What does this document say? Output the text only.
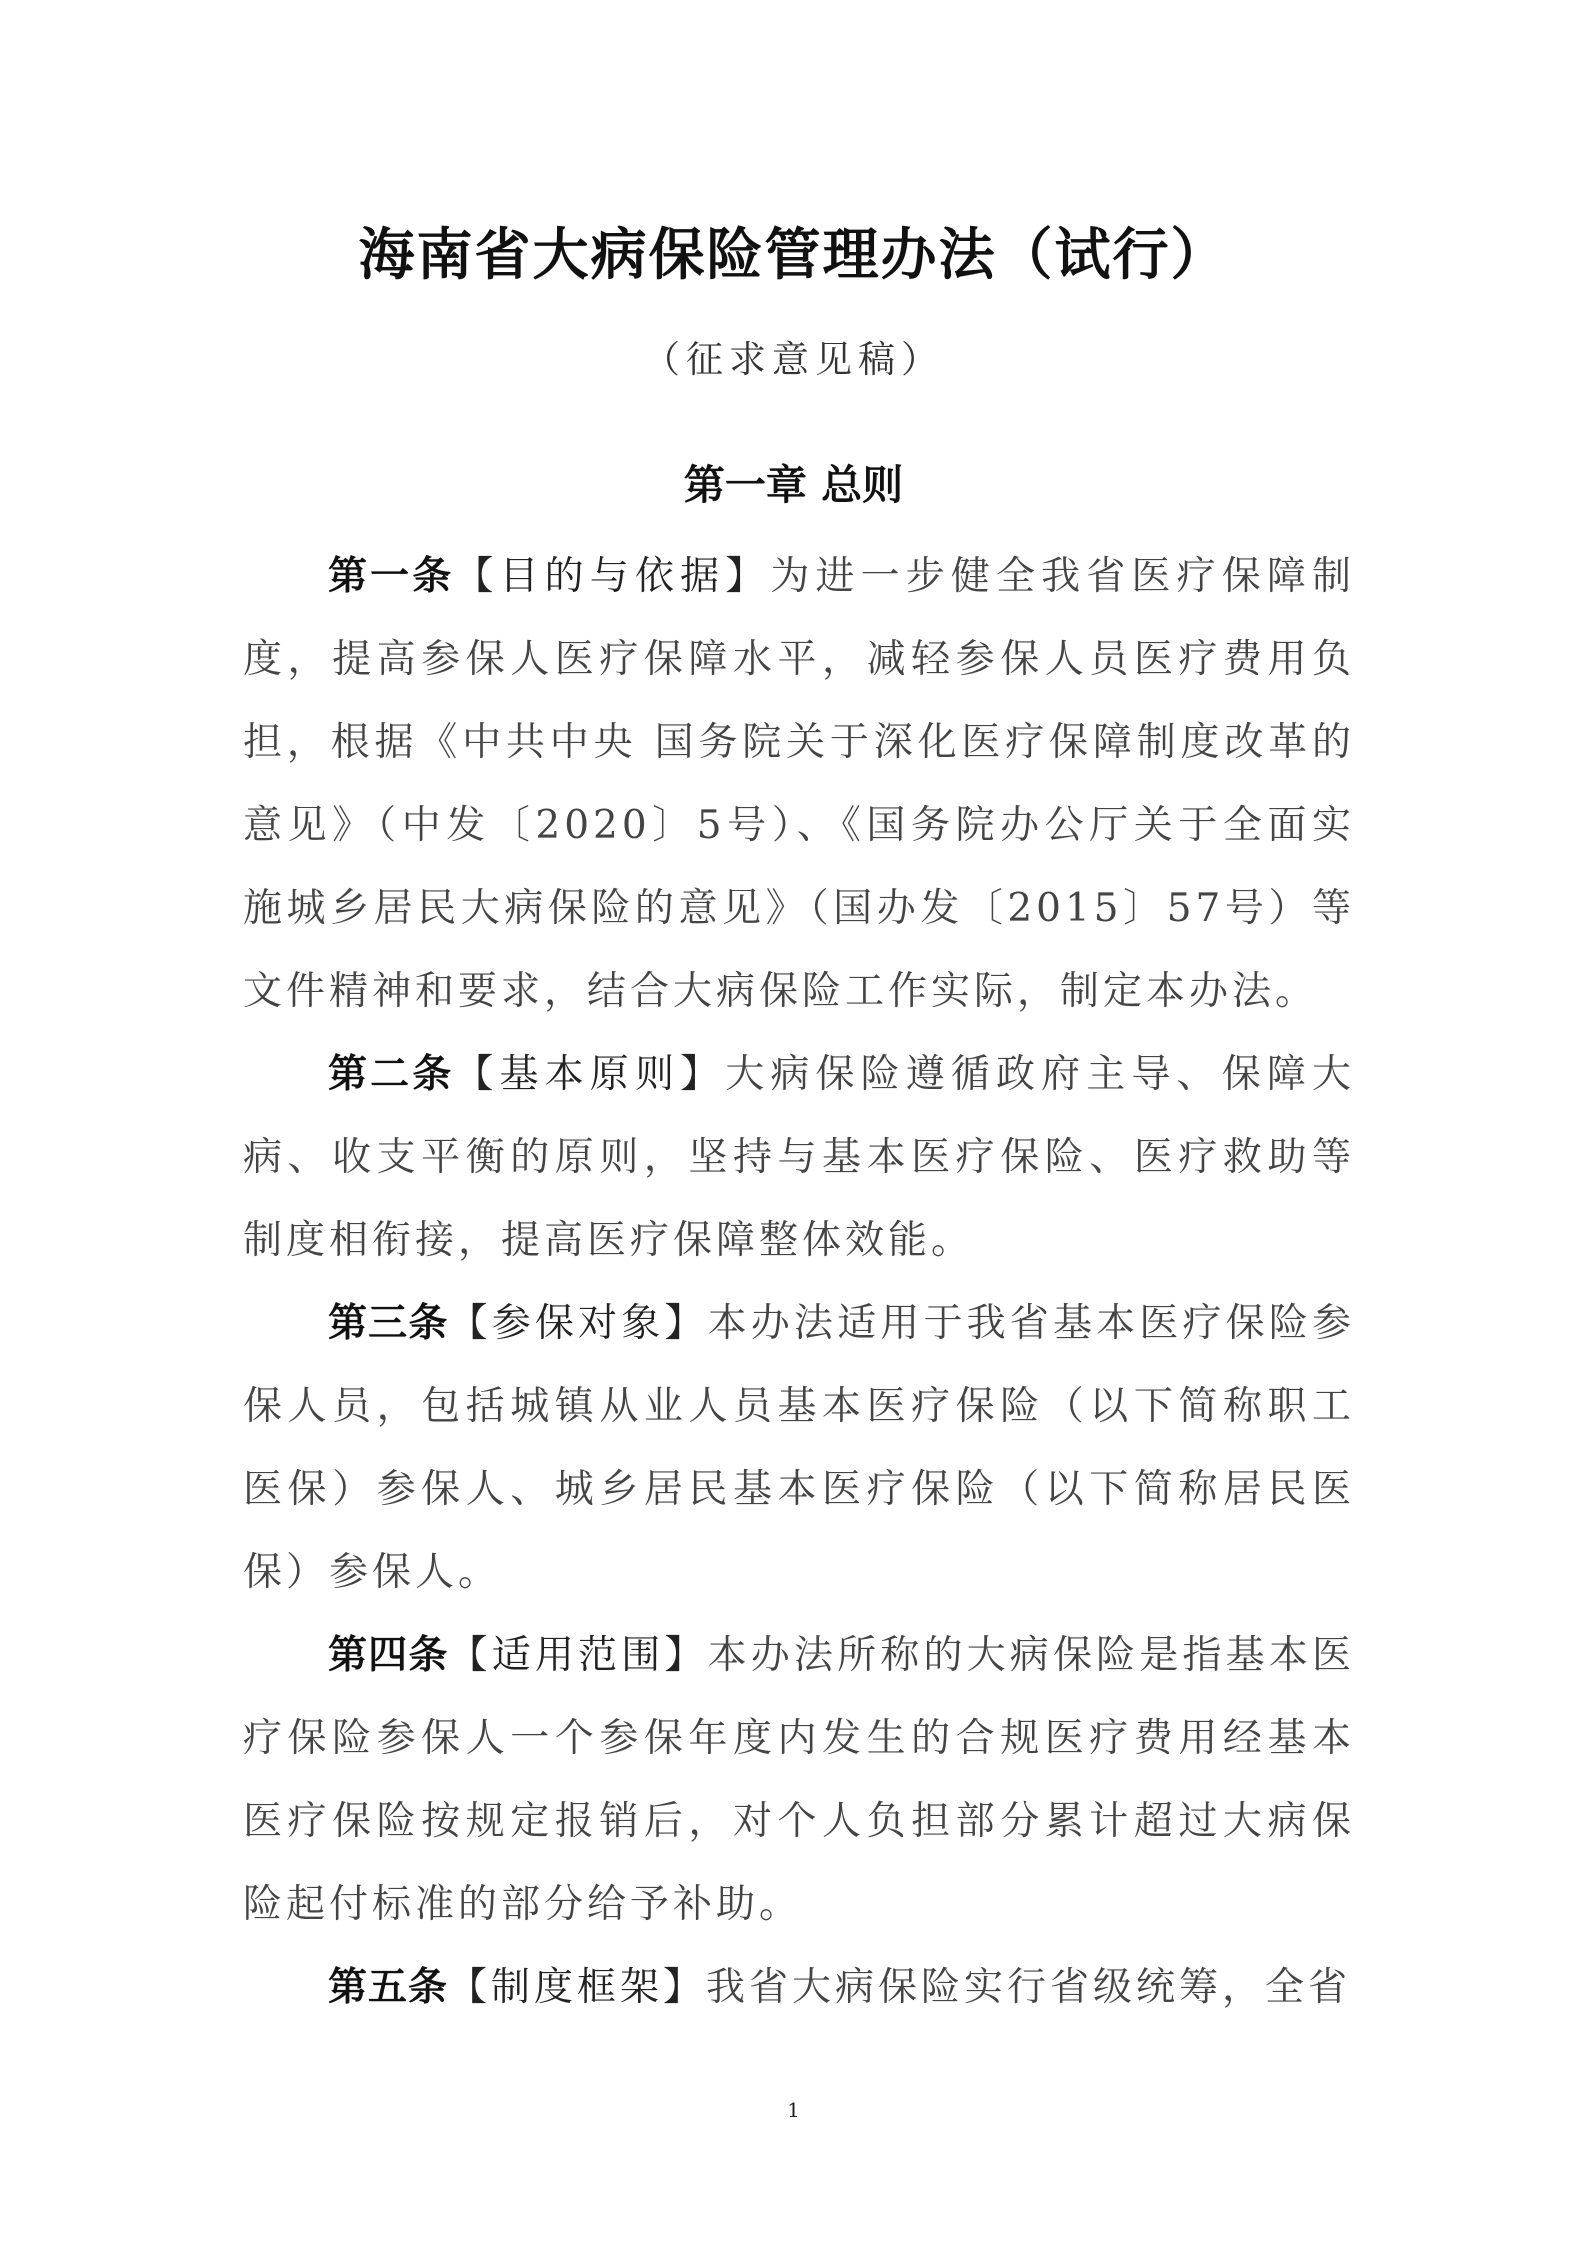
海南省大病保险管理办法（试行）

（征求意见稿）

第一章 总则

第一条【目的与依据】为进一步健全我省医疗保障制度，提高参保人医疗保障水平，减轻参保人员医疗费用负担，根据《中共中央 国务院关于深化医疗保障制度改革的意见》（中发〔2020〕5号）、《国务院办公厅关于全面实施城乡居民大病保险的意见》（国办发〔2015〕57号）等文件精神和要求，结合大病保险工作实际，制定本办法。

第二条【基本原则】大病保险遵循政府主导、保障大病、收支平衡的原则，坚持与基本医疗保险、医疗救助等制度相衔接，提高医疗保障整体效能。

第三条【参保对象】本办法适用于我省基本医疗保险参保人员，包括城镇从业人员基本医疗保险（以下简称职工医保）参保人、城乡居民基本医疗保险（以下简称居民医保）参保人。

第四条【适用范围】本办法所称的大病保险是指基本医疗保险参保人一个参保年度内发生的合规医疗费用经基本医疗保险按规定报销后，对个人负担部分累计超过大病保险起付标准的部分给予补助。

第五条【制度框架】我省大病保险实行省级统筹，全省

1
